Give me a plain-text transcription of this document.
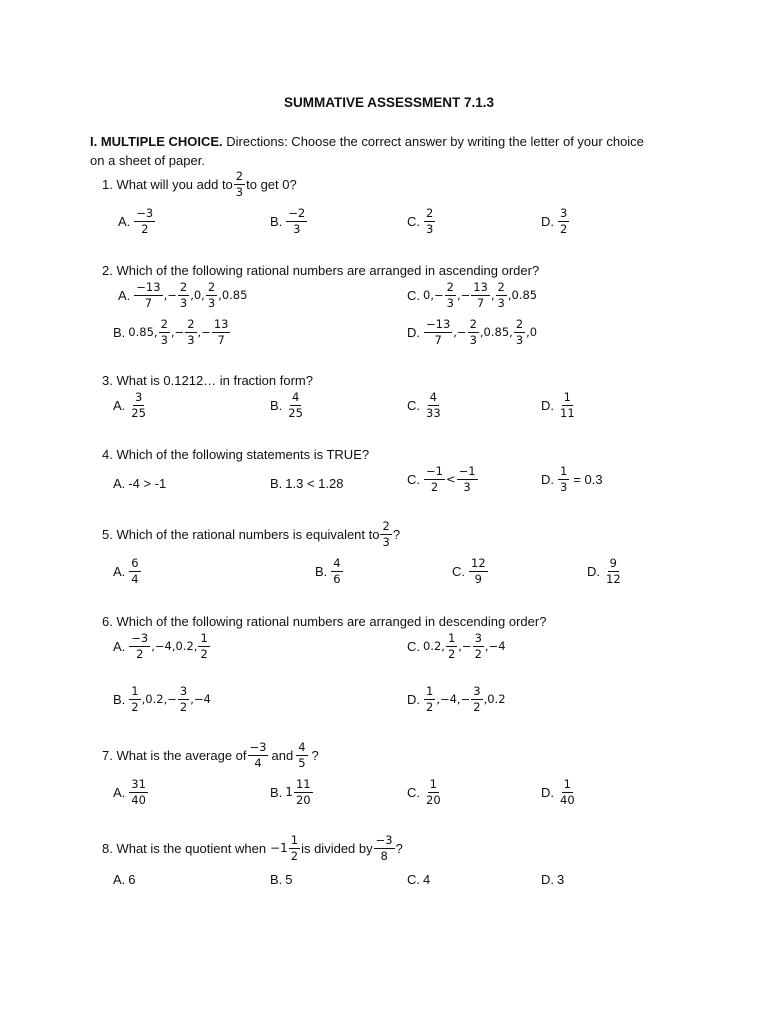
SUMMATIVE ASSESSMENT 7.1.3
I. MULTIPLE CHOICE. Directions: Choose the correct answer by writing the letter of your choice
on a sheet of paper.
1. What will you add to $\frac{2}{3}$ to get 0?
A. $\frac{-3}{2}$	B. $\frac{-2}{3}$	C. $\frac{2}{3}$	D. $\frac{3}{2}$
2. Which of the following rational numbers are arranged in ascending order?
A. $\frac{-13}{7}$ ,− $\frac{2}{3} ,0$, $\frac{2}{3} ,0.85$	C. $0,- \frac{2}{3}$ ,− $\frac{13}{7}$ , $\frac{2}{3} ,0.85$
B. 0.85, $\frac{2}{3}$ ,− $\frac{2}{3}$ ,− $\frac{13}{7}$	D. $\frac{-13}{7}$ ,− $\frac{2}{3} ,0.85$, $\frac{2}{3} ,0$
3. What is 0.1212… in fraction form?
A. $\frac{3}{25}$	B. $\frac{4}{25}$	C. $\frac{4}{33}$	D. $\frac{1}{11}$
4. Which of the following statements is TRUE?
A. -4 > -1	B. 1.3 < 1.28	C. $\frac{-1}{2} < \frac{-1}{3}$	D. $\frac{1}{3} = 0.3$
5. Which of the rational numbers is equivalent to $\frac{2}{3}$ ?
A. $\frac{6}{4}$	B. $\frac{4}{6}$	C. $\frac{12}{9}$	D. $\frac{9}{12}$
6. Which of the following rational numbers are arranged in descending order?
A. $\frac{-3}{2} ,-4,0.2$, $\frac{1}{2}$	C. 0.2, $\frac{1}{2}$ ,− $\frac{3}{2} ,-4$
B. $\frac{1}{2} ,0.2,- \frac{3}{2} ,-4$	D. $\frac{1}{2} ,-4,- \frac{3}{2} ,0.2$
7. What is the average of $\frac{-3}{4}$ and $\frac{4}{5}$ ?
A. $\frac{31}{40}$	B. $1 \frac{11}{20}$	C. $\frac{1}{20}$	D. $\frac{1}{40}$
8. What is the quotient when $-1 \frac{1}{2}$ is divided by $\frac{-3}{8}$ ?
A. 6	B. 5	C. 4	D. 3
